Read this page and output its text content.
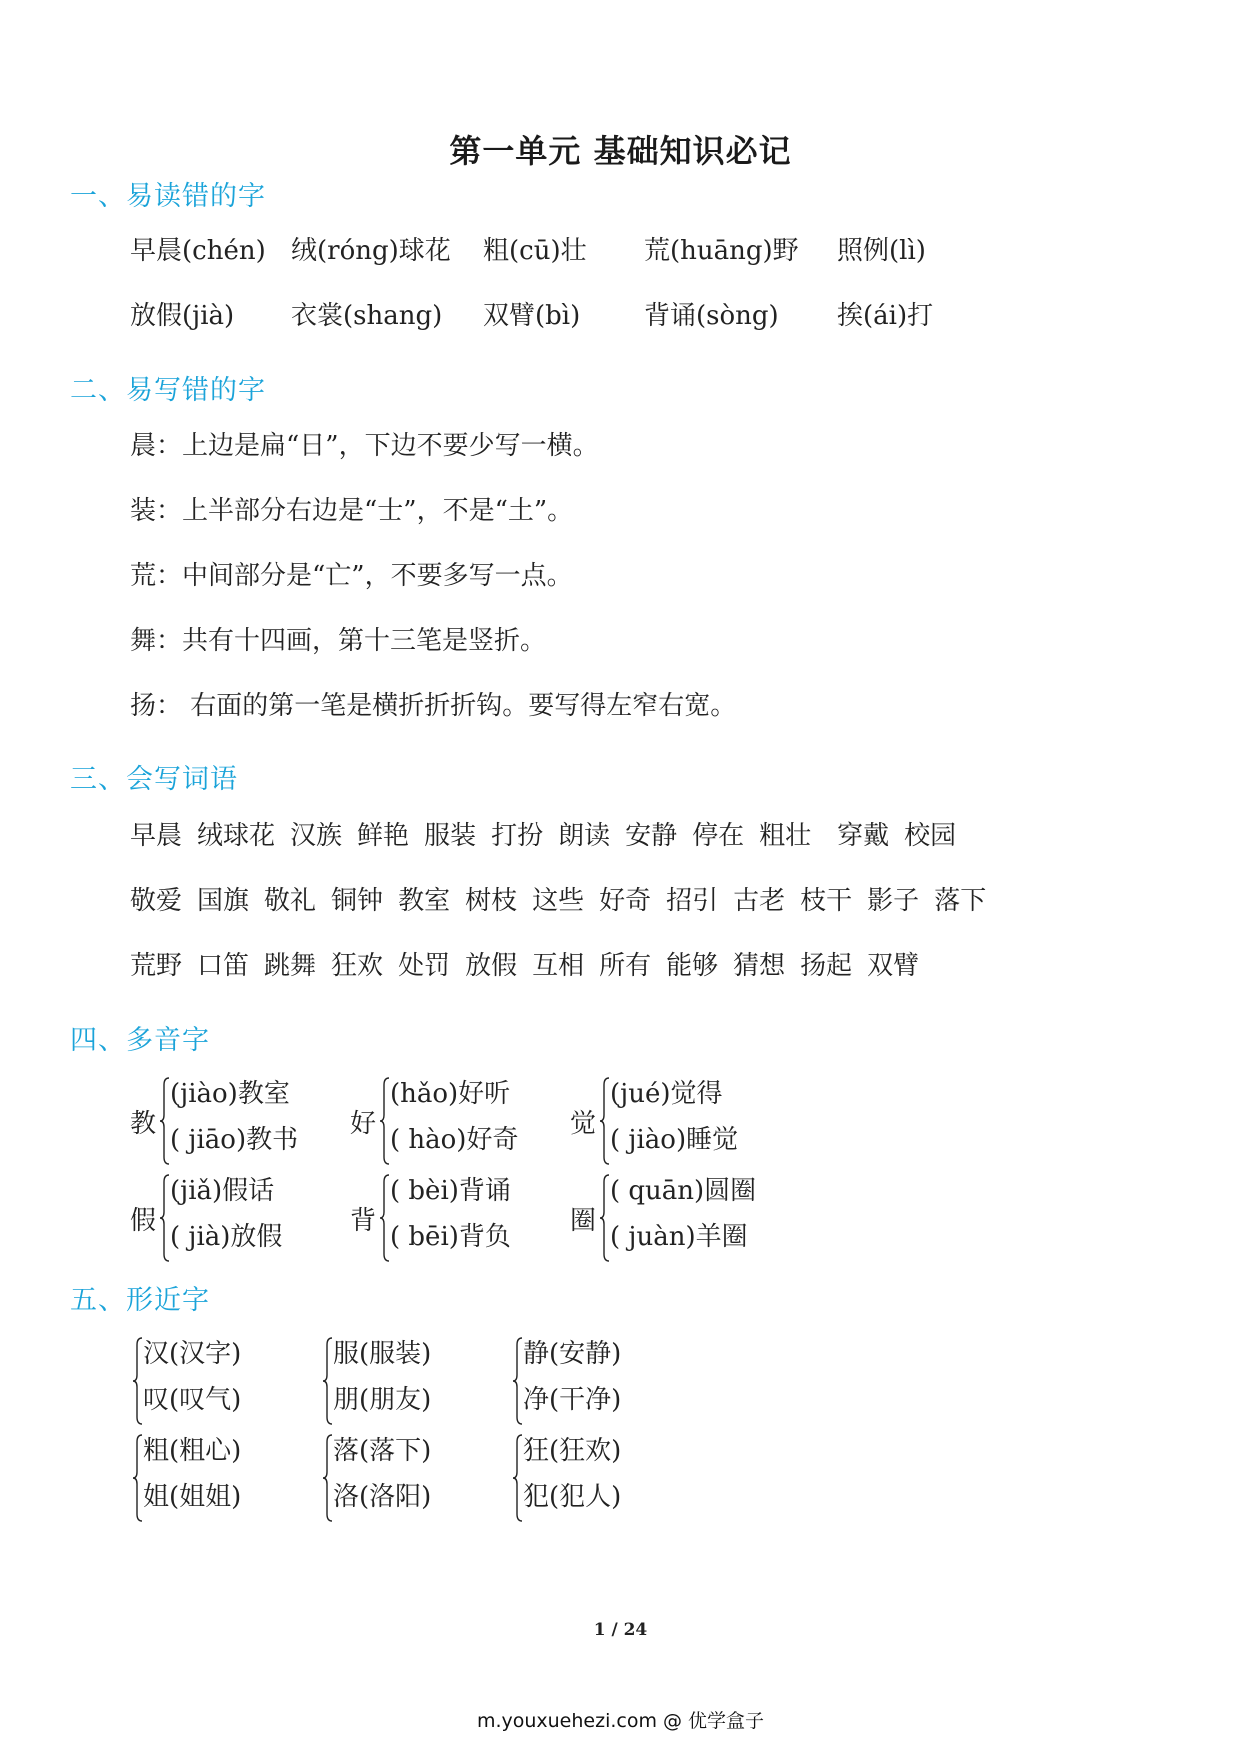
第一单元 基础知识必记
一、易读错的字
早晨(chén) 绒(róng)球花 粗(cū)壮 荒(huāng)野 照例(lì)
放假(jià) 衣裳(shang) 双臂(bì) 背诵(sòng) 挨(ái)打
二、易写错的字
晨：上边是扁“日”，下边不要少写一横。
装：上半部分右边是“士”，不是“土”。
荒：中间部分是“亡”，不要多写一点。
舞：共有十四画，第十三笔是竖折。
扬： 右面的第一笔是横折折折钩。要写得左窄右宽。
三、会写词语
早晨 绒球花 汉族 鲜艳 服装 打扮 朗读 安静 停在 粗壮 穿戴 校园
敬爱 国旗 敬礼 铜钟 教室 树枝 这些 好奇 招引 古老 枝干 影子 落下
荒野 口笛 跳舞 狂欢 处罚 放假 互相 所有 能够 猜想 扬起 双臂
四、多音字
教
(jiào)教室
( jiāo)教书
好
(hǎo)好听
( hào)好奇
觉
(jué)觉得
( jiào)睡觉
假
(jiǎ)假话
( jià)放假
背
( bèi)背诵
( bēi)背负
圈
( quān)圆圈
( juàn)羊圈
五、形近字
汉(汉字)
叹(叹气)
服(服装)
朋(朋友)
静(安静)
净(干净)
粗(粗心)
姐(姐姐)
落(落下)
洛(洛阳)
狂(狂欢)
犯(犯人)
1 / 24
m.youxuehezi.com @ 优学盒子
